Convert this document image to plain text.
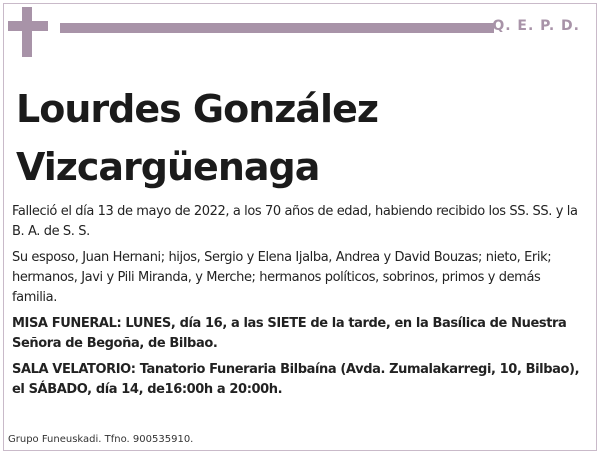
Q. E. P. D.
Lourdes González
Vizcargüenaga

Falleció el día 13 de mayo de 2022, a los 70 años de edad, habiendo recibido los SS. SS. y la B. A. de S. S.

Su esposo, Juan Hernani; hijos, Sergio y Elena Ijalba, Andrea y David Bouzas; nieto, Erik; hermanos, Javi y Pili Miranda, y Merche; hermanos políticos, sobrinos, primos y demás familia.

MISA FUNERAL: LUNES, día 16, a las SIETE de la tarde, en la Basílica de Nuestra Señora de Begoña, de Bilbao.

SALA VELATORIO: Tanatorio Funeraria Bilbaína (Avda. Zumalakarregi, 10, Bilbao), el SÁBADO, día 14, de16:00h a 20:00h.

Grupo Funeuskadi. Tfno. 900535910.
